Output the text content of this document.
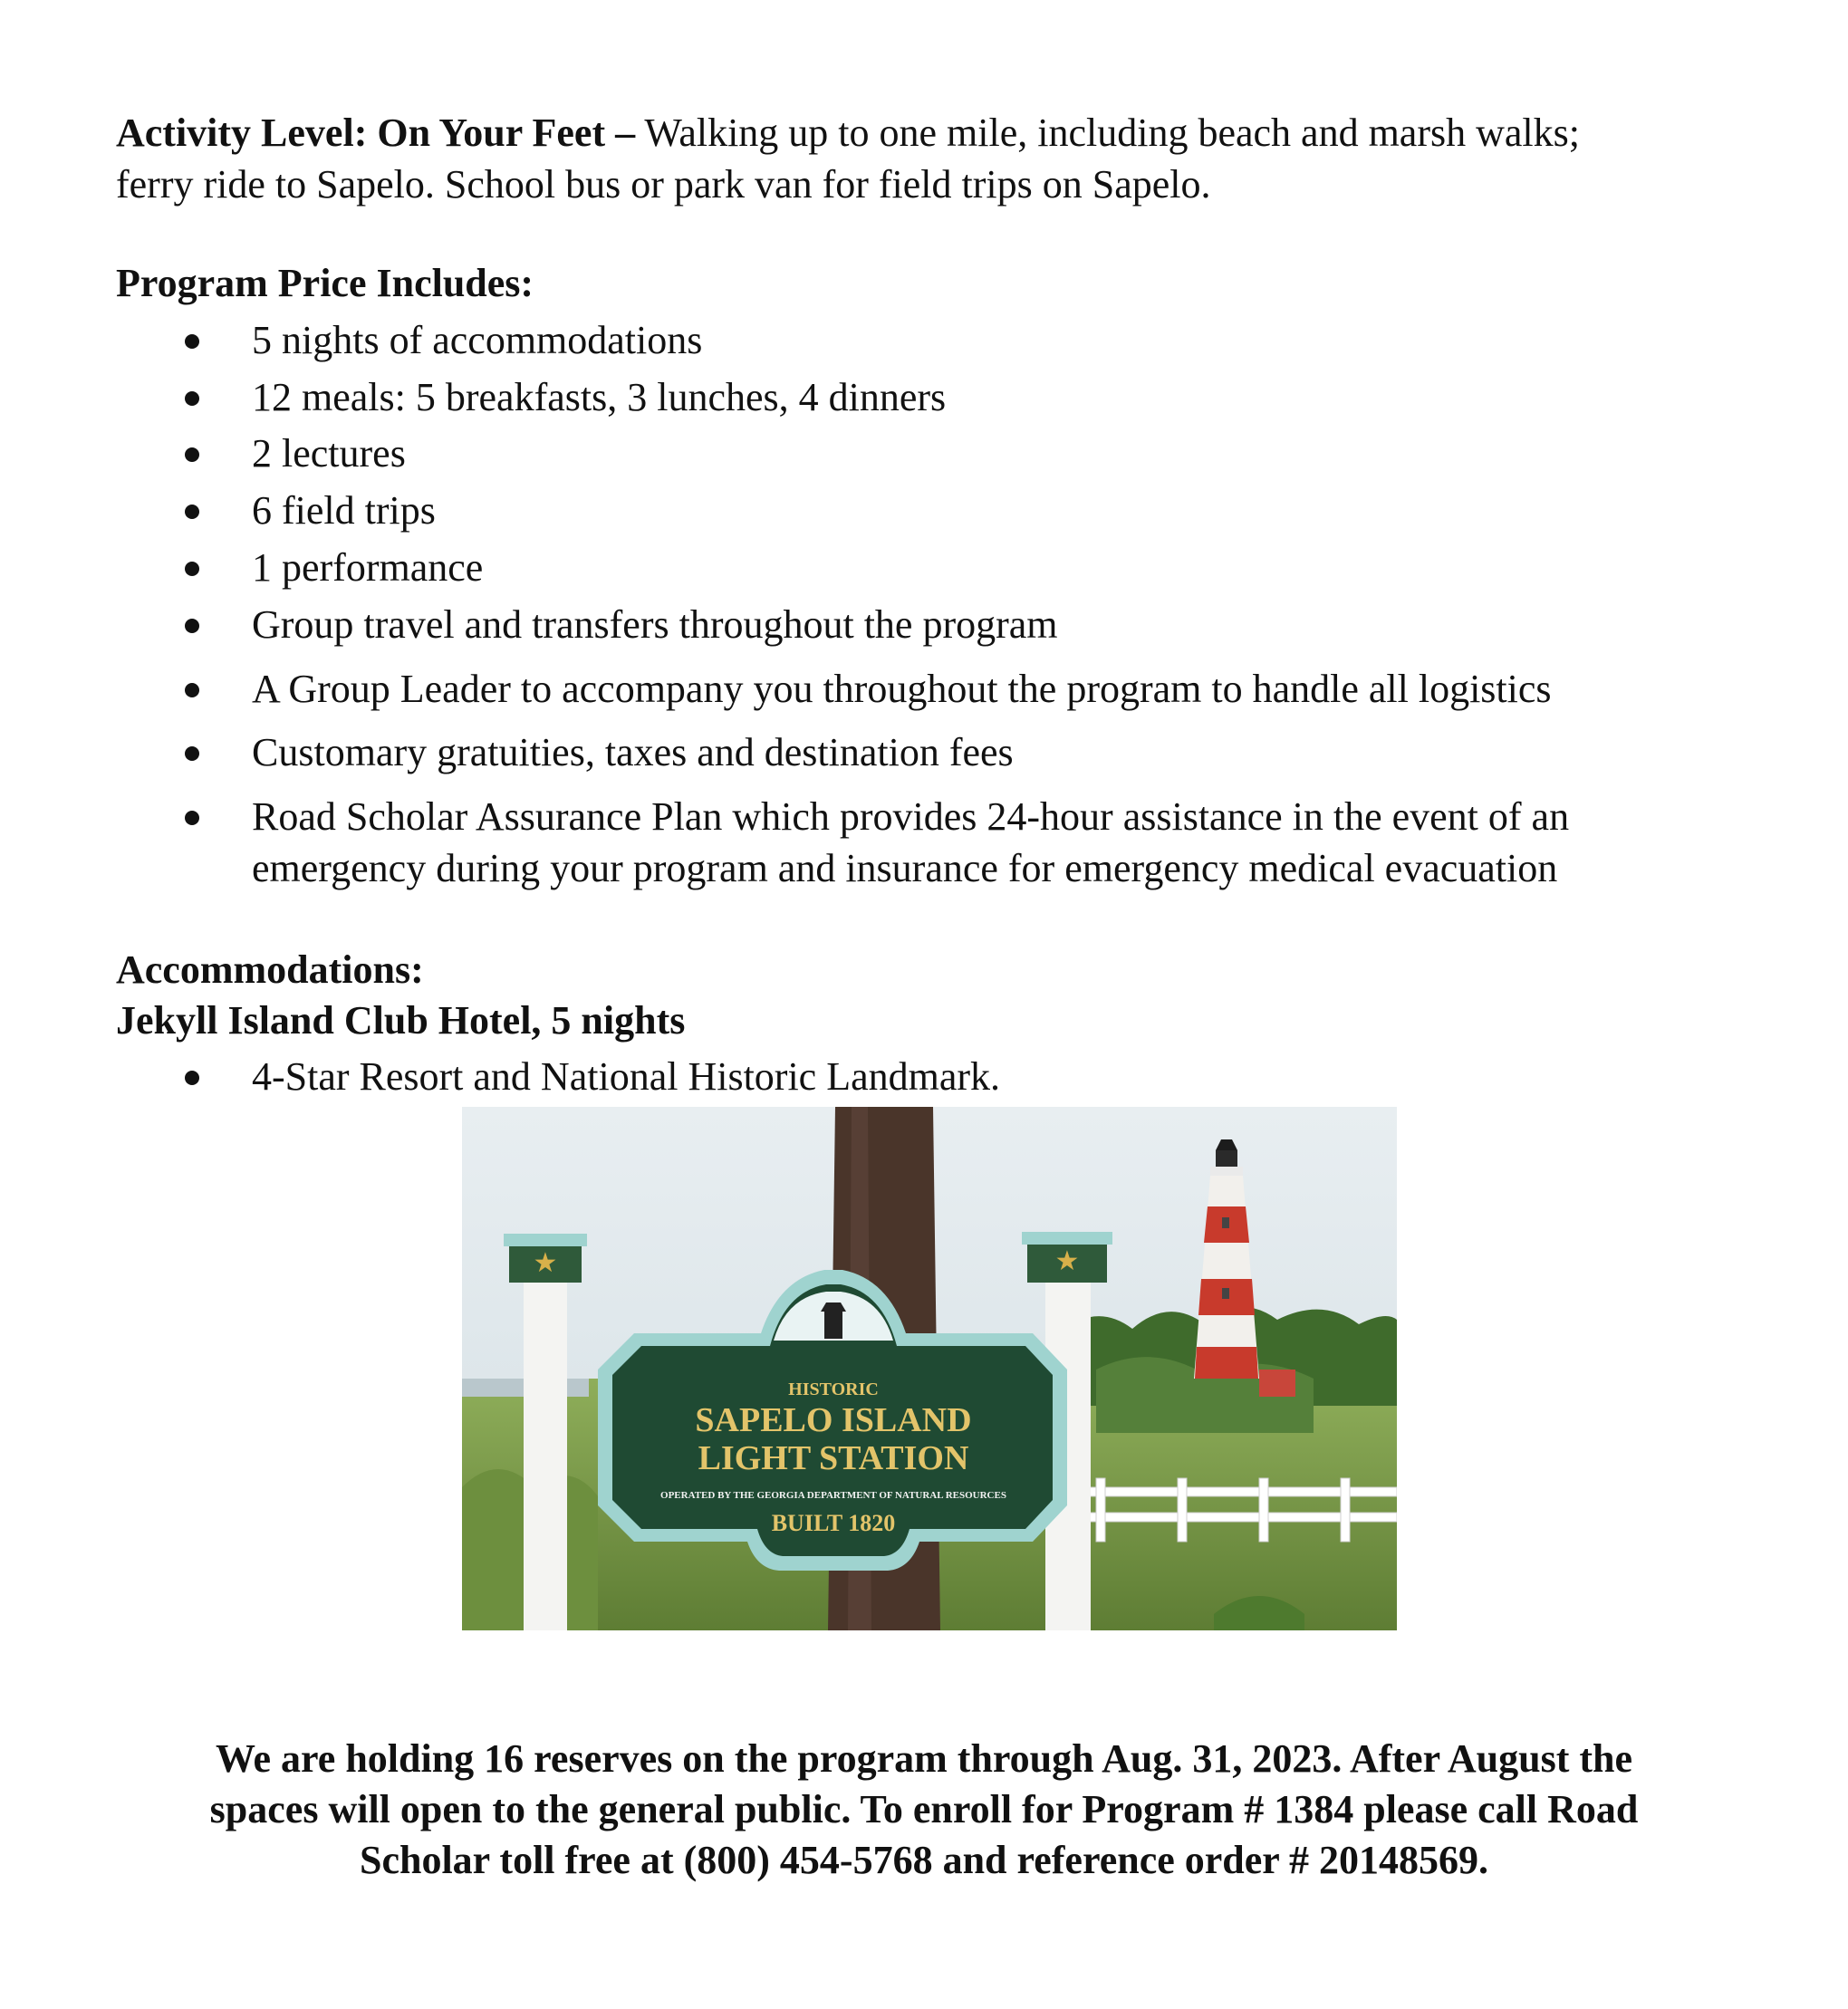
Activity Level: On Your Feet – Walking up to one mile, including beach and marsh walks;
ferry ride to Sapelo. School bus or park van for field trips on Sapelo.
Program Price Includes:
5 nights of accommodations
12 meals: 5 breakfasts, 3 lunches, 4 dinners
2 lectures
6 field trips
1 performance
Group travel and transfers throughout the program
A Group Leader to accompany you throughout the program to handle all logistics
Customary gratuities, taxes and destination fees
Road Scholar Assurance Plan which provides 24-hour assistance in the event of an emergency during your program and insurance for emergency medical evacuation
Accommodations:
Jekyll Island Club Hotel, 5 nights
4-Star Resort and National Historic Landmark.
★	★
HISTORIC
SAPELO ISLAND
LIGHT STATION
OPERATED BY THE GEORGIA DEPARTMENT OF NATURAL RESOURCES
BUILT 1820
We are holding 16 reserves on the program through Aug. 31, 2023. After August the
spaces will open to the general public. To enroll for Program # 1384 please call Road
Scholar toll free at (800) 454-5768 and reference order # 20148569.
